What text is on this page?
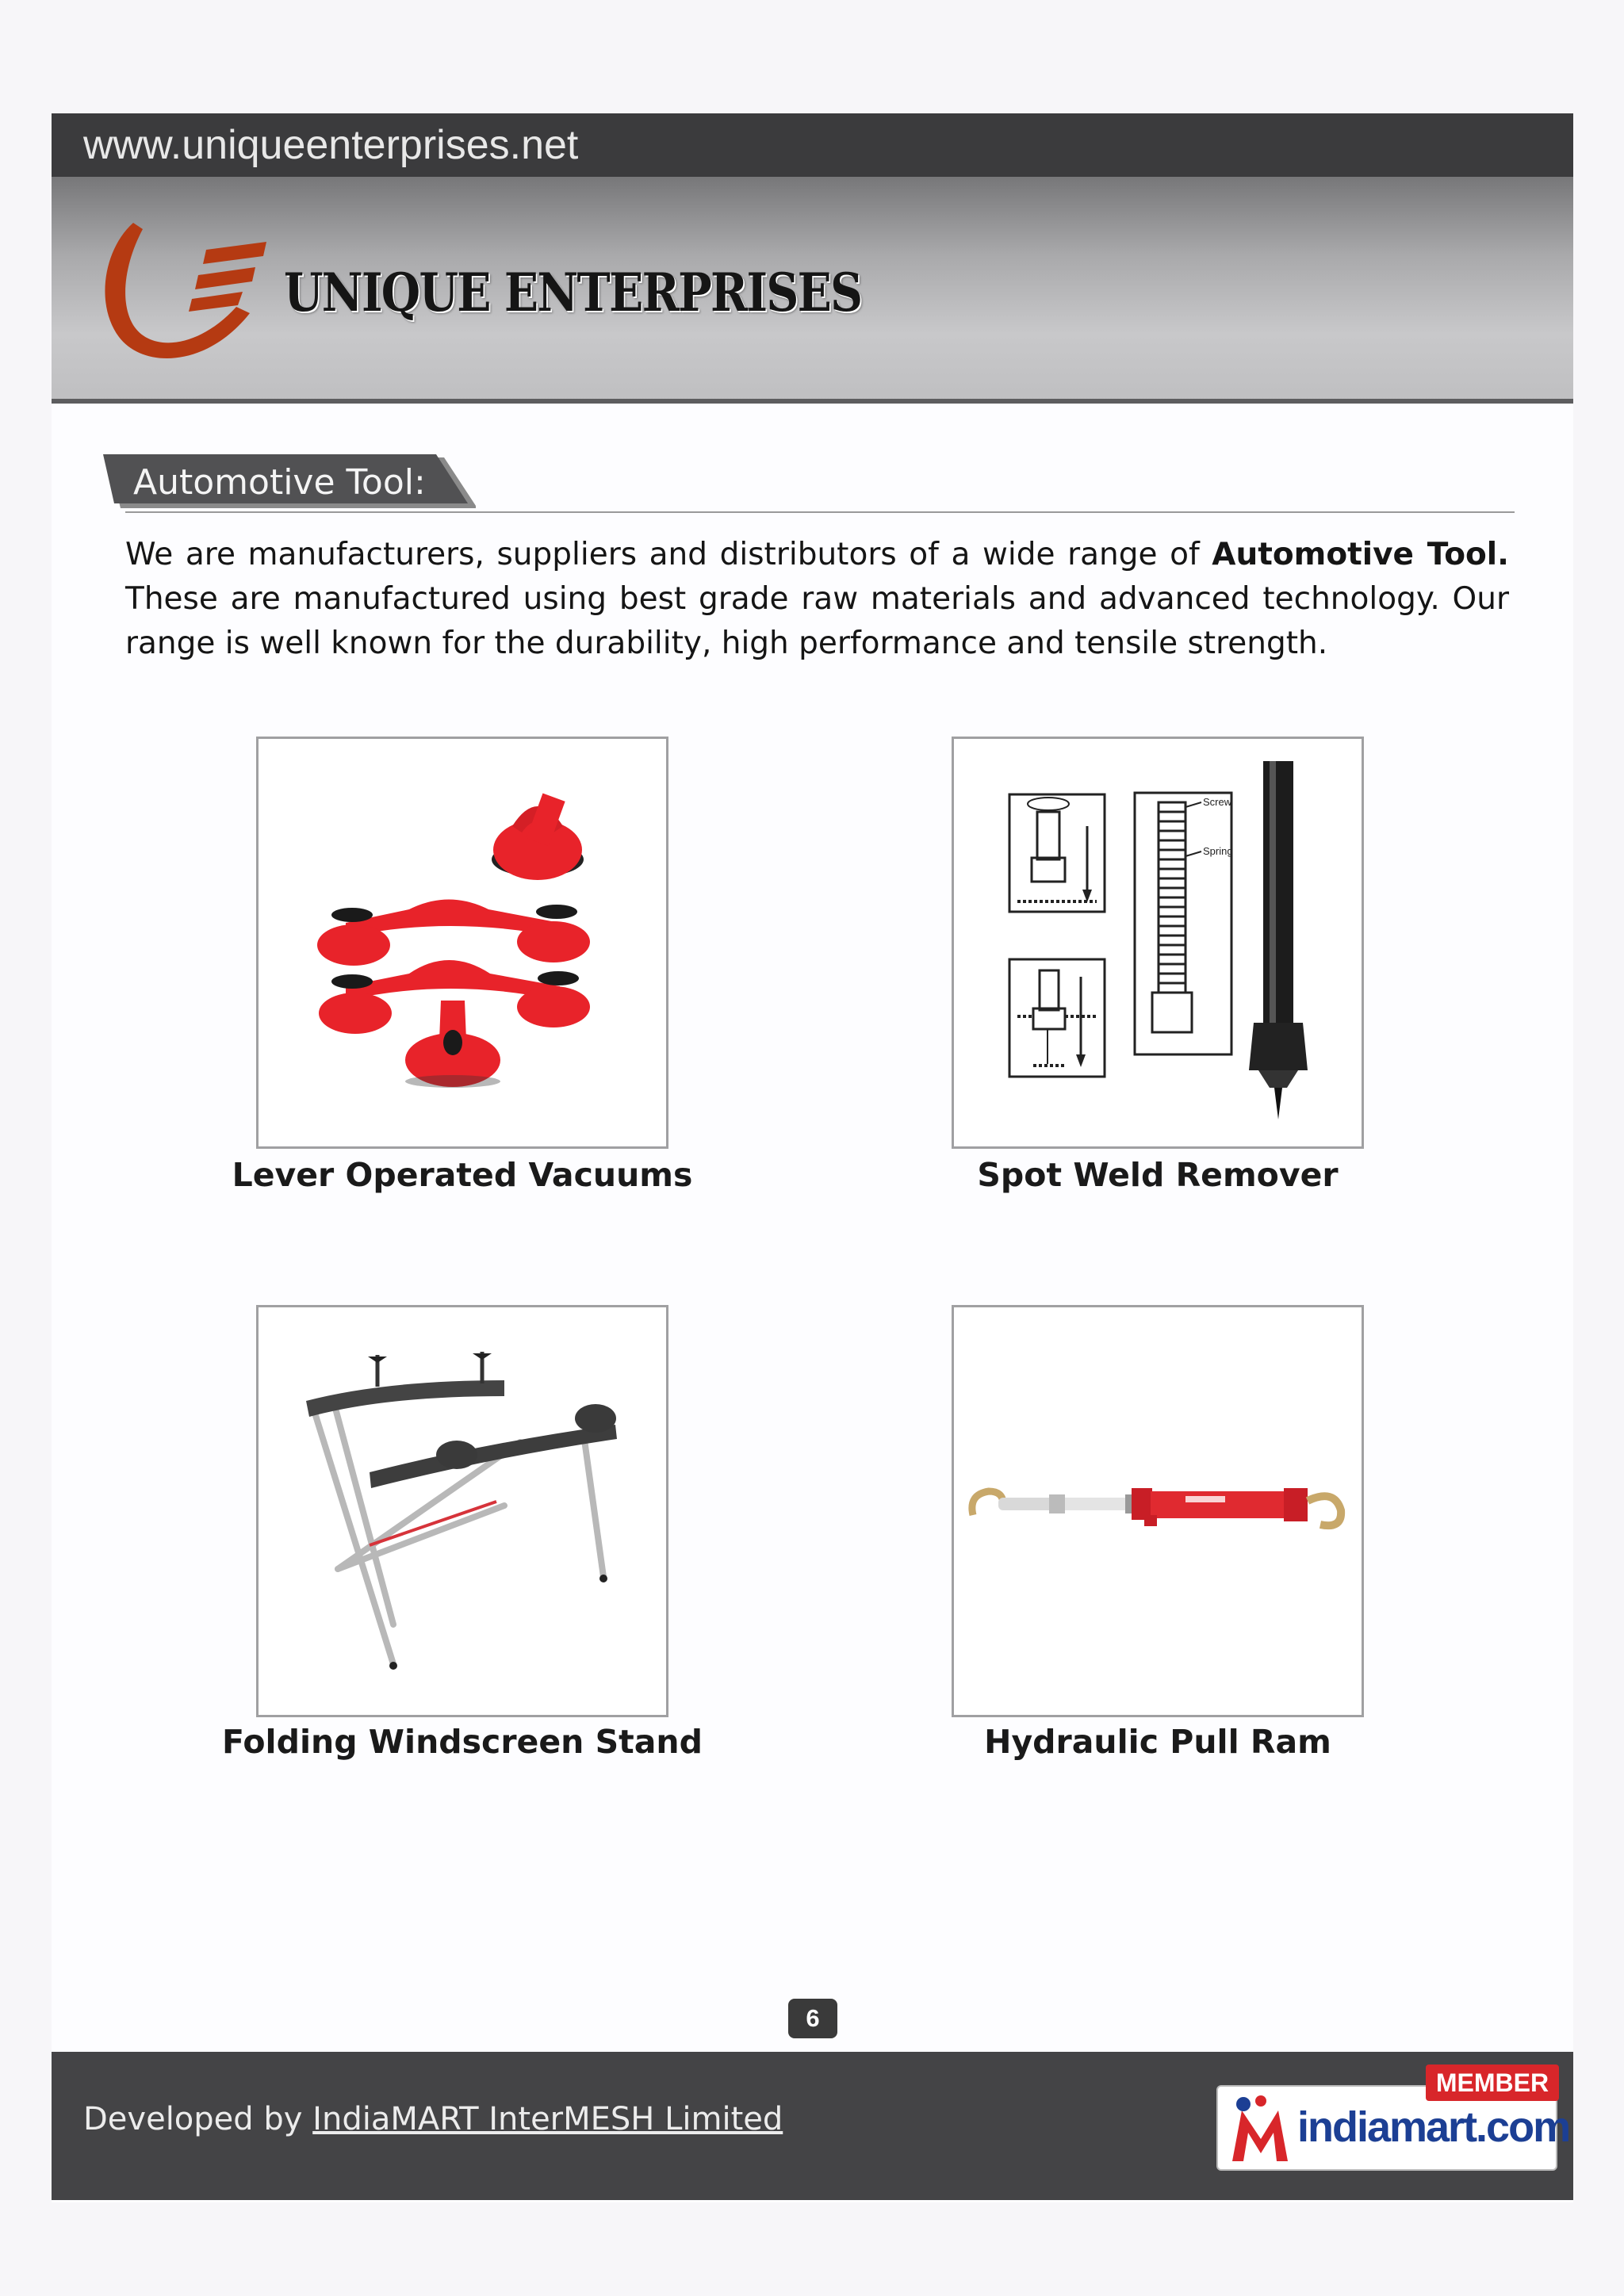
www.uniqueenterprises.net
UNIQUE ENTERPRISES
Automotive Tool:
We are manufacturers, suppliers and distributors of a wide range of Automotive Tool. These are manufactured using best grade raw materials and advanced technology. Our range is well known for the durability, high performance and tensile strength.
Lever Operated Vacuums
Screw
Spring
Spot Weld Remover
Folding Windscreen Stand	Hydraulic Pull Ram
6
Developed by IndiaMART InterMESH Limited	indiamart.com
MEMBER
